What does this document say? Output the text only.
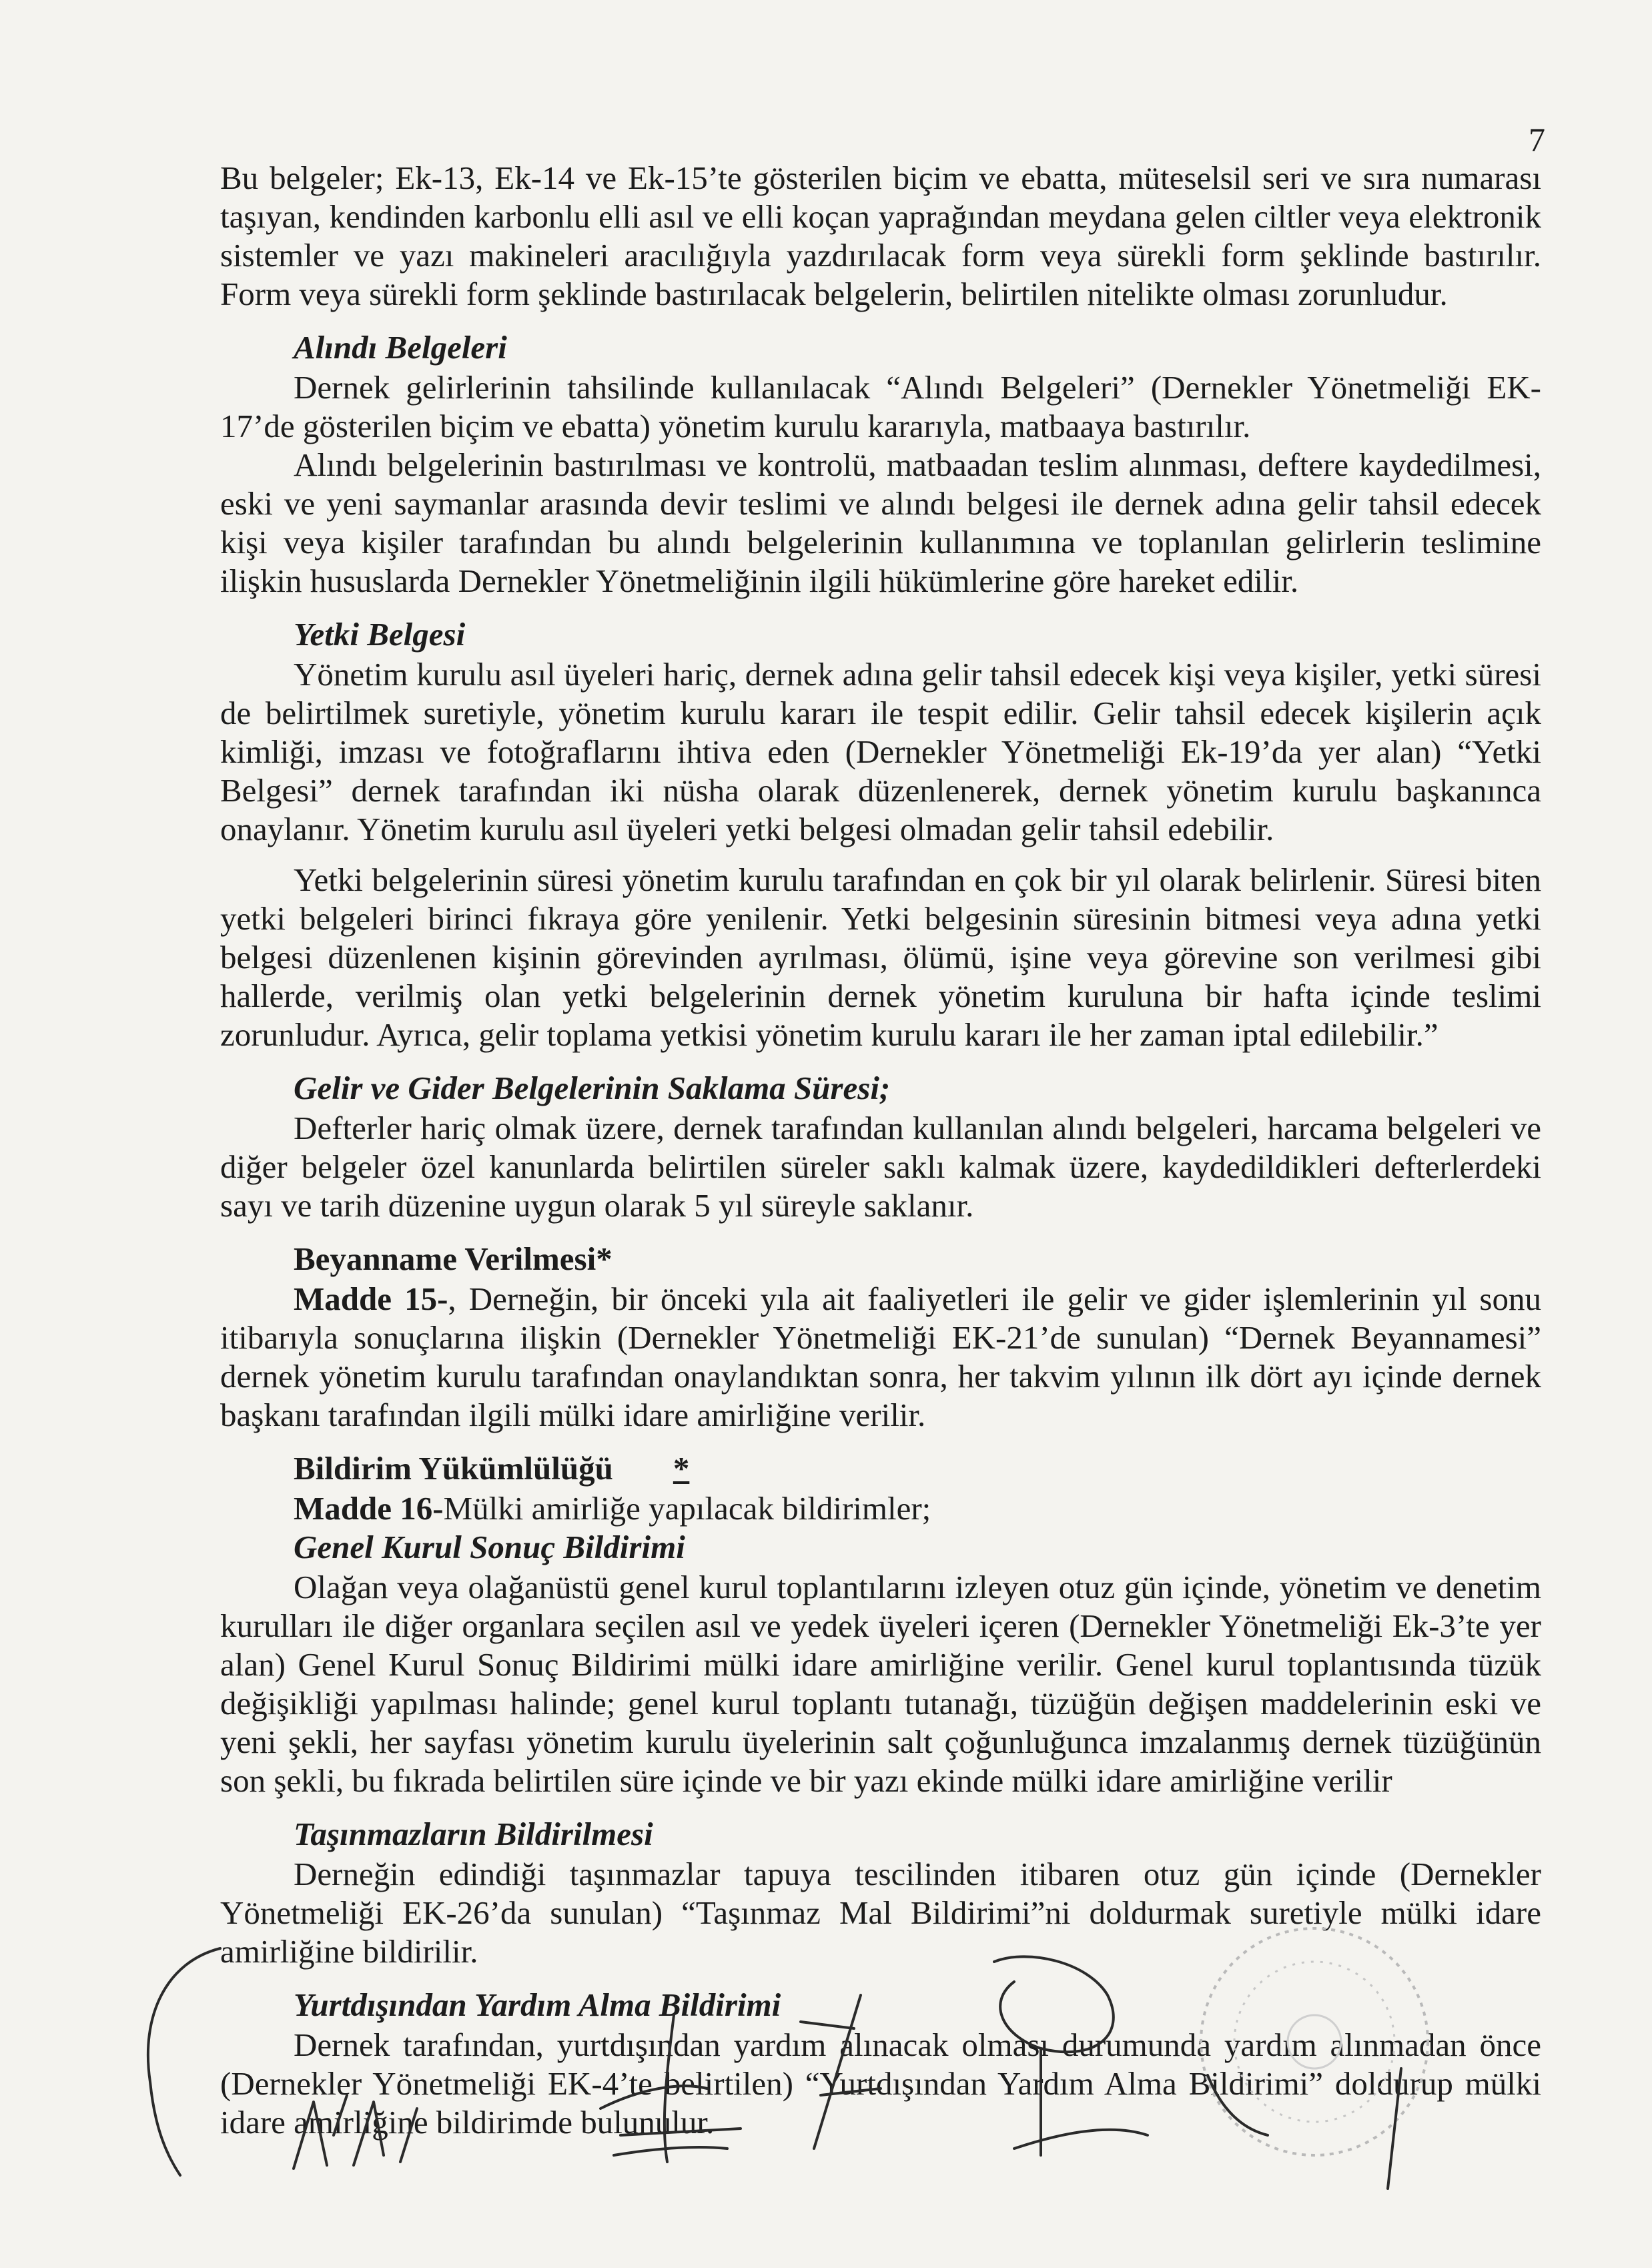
7

Bu belgeler; Ek-13, Ek-14 ve Ek-15’te gösterilen biçim ve ebatta, müteselsil seri ve sıra numarası taşıyan, kendinden karbonlu elli asıl ve elli koçan yaprağından meydana gelen ciltler veya elektronik sistemler ve yazı makineleri aracılığıyla yazdırılacak form veya sürekli form şeklinde bastırılır. Form veya sürekli form şeklinde bastırılacak belgelerin, belirtilen nitelikte olması zorunludur.

Alındı Belgeleri

Dernek gelirlerinin tahsilinde kullanılacak “Alındı Belgeleri” (Dernekler Yönetmeliği EK-17’de gösterilen biçim ve ebatta) yönetim kurulu kararıyla, matbaaya bastırılır.

Alındı belgelerinin bastırılması ve kontrolü, matbaadan teslim alınması, deftere kaydedilmesi, eski ve yeni saymanlar arasında devir teslimi ve alındı belgesi ile dernek adına gelir tahsil edecek kişi veya kişiler tarafından bu alındı belgelerinin kullanımına ve toplanılan gelirlerin teslimine ilişkin hususlarda Dernekler Yönetmeliğinin ilgili hükümlerine göre hareket edilir.

Yetki Belgesi

Yönetim kurulu asıl üyeleri hariç, dernek adına gelir tahsil edecek kişi veya kişiler, yetki süresi de belirtilmek suretiyle, yönetim kurulu kararı ile tespit edilir. Gelir tahsil edecek kişilerin açık kimliği, imzası ve fotoğraflarını ihtiva eden (Dernekler Yönetmeliği Ek-19’da yer alan) “Yetki Belgesi” dernek tarafından iki nüsha olarak düzenlenerek, dernek yönetim kurulu başkanınca onaylanır. Yönetim kurulu asıl üyeleri yetki belgesi olmadan gelir tahsil edebilir.

Yetki belgelerinin süresi yönetim kurulu tarafından en çok bir yıl olarak belirlenir. Süresi biten yetki belgeleri birinci fıkraya göre yenilenir. Yetki belgesinin süresinin bitmesi veya adına yetki belgesi düzenlenen kişinin görevinden ayrılması, ölümü, işine veya görevine son verilmesi gibi hallerde, verilmiş olan yetki belgelerinin dernek yönetim kuruluna bir hafta içinde teslimi zorunludur. Ayrıca, gelir toplama yetkisi yönetim kurulu kararı ile her zaman iptal edilebilir.”

Gelir ve Gider Belgelerinin Saklama Süresi;

Defterler hariç olmak üzere, dernek tarafından kullanılan alındı belgeleri, harcama belgeleri ve diğer belgeler özel kanunlarda belirtilen süreler saklı kalmak üzere, kaydedildikleri defterlerdeki sayı ve tarih düzenine uygun olarak 5 yıl süreyle saklanır.

Beyanname Verilmesi*

Madde 15-, Derneğin, bir önceki yıla ait faaliyetleri ile gelir ve gider işlemlerinin yıl sonu itibarıyla sonuçlarına ilişkin (Dernekler Yönetmeliği EK-21’de sunulan) “Dernek Beyannamesi” dernek yönetim kurulu tarafından onaylandıktan sonra, her takvim yılının ilk dört ayı içinde dernek başkanı tarafından ilgili mülki idare amirliğine verilir.

Bildirim Yükümlülüğü *

Madde 16-Mülki amirliğe yapılacak bildirimler;

Genel Kurul Sonuç Bildirimi

Olağan veya olağanüstü genel kurul toplantılarını izleyen otuz gün içinde, yönetim ve denetim kurulları ile diğer organlara seçilen asıl ve yedek üyeleri içeren (Dernekler Yönetmeliği Ek-3’te yer alan) Genel Kurul Sonuç Bildirimi mülki idare amirliğine verilir. Genel kurul toplantısında tüzük değişikliği yapılması halinde; genel kurul toplantı tutanağı, tüzüğün değişen maddelerinin eski ve yeni şekli, her sayfası yönetim kurulu üyelerinin salt çoğunluğunca imzalanmış dernek tüzüğünün son şekli, bu fıkrada belirtilen süre içinde ve bir yazı ekinde mülki idare amirliğine verilir

Taşınmazların Bildirilmesi

Derneğin edindiği taşınmazlar tapuya tescilinden itibaren otuz gün içinde (Dernekler Yönetmeliği EK-26’da sunulan) “Taşınmaz Mal Bildirimi”ni doldurmak suretiyle mülki idare amirliğine bildirilir.

Yurtdışından Yardım Alma Bildirimi

Dernek tarafından, yurtdışından yardım alınacak olması durumunda yardım alınmadan önce (Dernekler Yönetmeliği EK-4’te belirtilen) “Yurtdışından Yardım Alma Bildirimi” doldurup mülki idare amirliğine bildirimde bulunulur.
